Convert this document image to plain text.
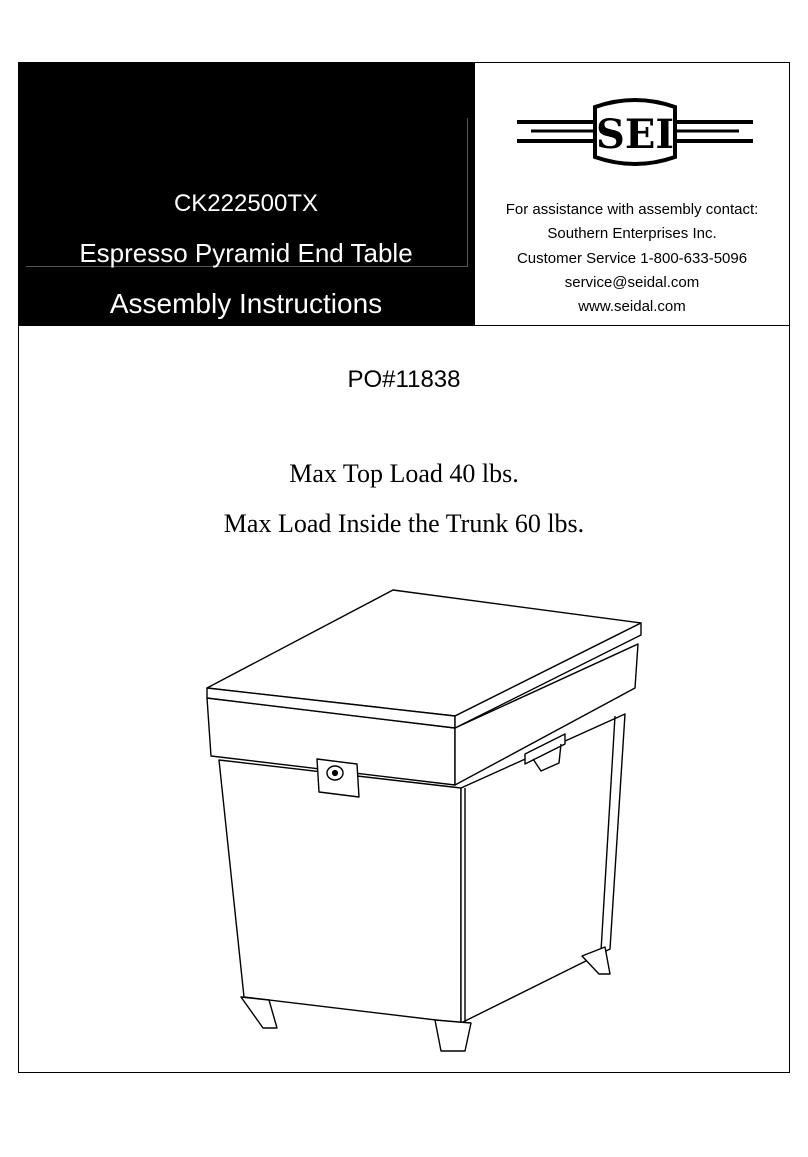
CK222500TX
Espresso Pyramid End Table
Assembly Instructions
SEI
For assistance with assembly contact:
Southern Enterprises Inc.
Customer Service 1-800-633-5096
service@seidal.com
www.seidal.com
PO#11838
Max Top Load 40 lbs.
Max Load Inside the Trunk 60 lbs.
